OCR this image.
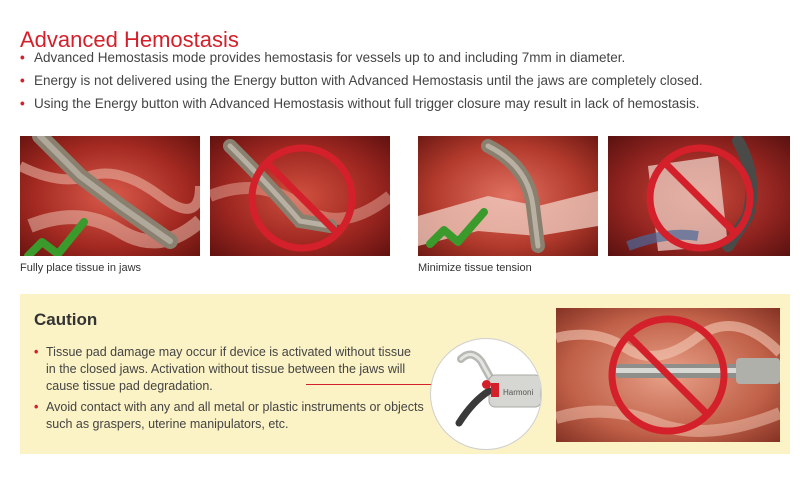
Advanced Hemostasis
• Advanced Hemostasis mode provides hemostasis for vessels up to and including 7mm in diameter.
• Energy is not delivered using the Energy button with Advanced Hemostasis until the jaws are completely closed.
• Using the Energy button with Advanced Hemostasis without full trigger closure may result in lack of hemostasis.
Fully place tissue in jaws	Minimize tissue tension
Caution
• Tissue pad damage may occur if device is activated without tissue in the closed jaws. Activation without tissue between the jaws will cause tissue pad degradation.
• Avoid contact with any and all metal or plastic instruments or objects such as graspers, uterine manipulators, etc.
Harmoni
